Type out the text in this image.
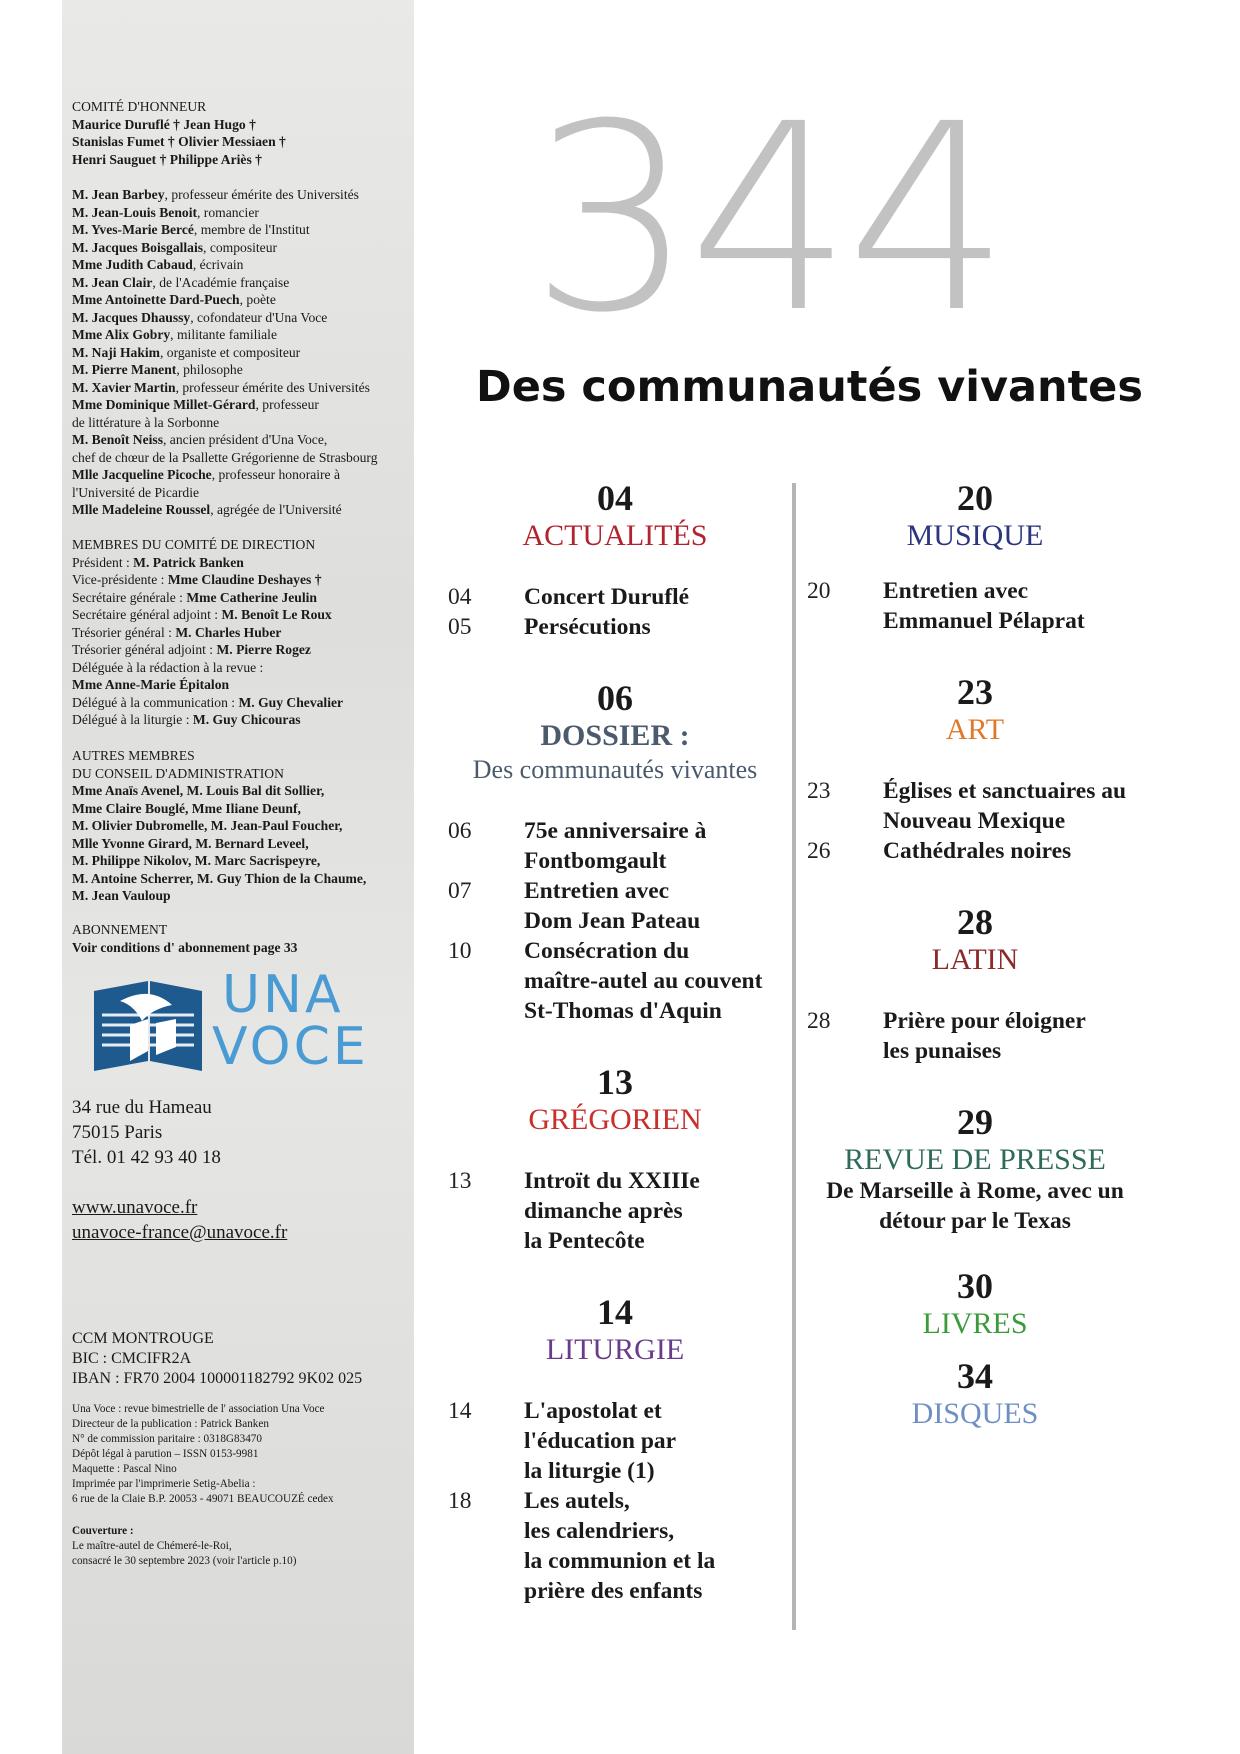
COMITÉ D'HONNEUR
Maurice Duruflé † Jean Hugo †
Stanislas Fumet † Olivier Messiaen †
Henri Sauguet † Philippe Ariès †
M. Jean Barbey, professeur émérite des Universités
M. Jean-Louis Benoit, romancier
M. Yves-Marie Bercé, membre de l'Institut
M. Jacques Boisgallais, compositeur
Mme Judith Cabaud, écrivain
M. Jean Clair, de l'Académie française
Mme Antoinette Dard-Puech, poète
M. Jacques Dhaussy, cofondateur d'Una Voce
Mme Alix Gobry, militante familiale
M. Naji Hakim, organiste et compositeur
M. Pierre Manent, philosophe
M. Xavier Martin, professeur émérite des Universités
Mme Dominique Millet-Gérard, professeur
de littérature à la Sorbonne
M. Benoît Neiss, ancien président d'Una Voce,
chef de chœur de la Psallette Grégorienne de Strasbourg
Mlle Jacqueline Picoche, professeur honoraire à
l'Université de Picardie
Mlle Madeleine Roussel, agrégée de l'Université
MEMBRES DU COMITÉ DE DIRECTION
Président : M. Patrick Banken
Vice-présidente : Mme Claudine Deshayes †
Secrétaire générale : Mme Catherine Jeulin
Secrétaire général adjoint : M. Benoît Le Roux
Trésorier général : M. Charles Huber
Trésorier général adjoint : M. Pierre Rogez
Déléguée à la rédaction à la revue :
Mme Anne-Marie Épitalon
Délégué à la communication : M. Guy Chevalier
Délégué à la liturgie : M. Guy Chicouras
AUTRES MEMBRES
DU CONSEIL D'ADMINISTRATION
Mme Anaïs Avenel, M. Louis Bal dit Sollier,
Mme Claire Bouglé, Mme Iliane Deunf,
M. Olivier Dubromelle, M. Jean-Paul Foucher,
Mlle Yvonne Girard, M. Bernard Leveel,
M. Philippe Nikolov, M. Marc Sacrispeyre,
M. Antoine Scherrer, M. Guy Thion de la Chaume,
M. Jean Vauloup
ABONNEMENT
Voir conditions d' abonnement page 33
UNA
VOCE
34 rue du Hameau
75015 Paris
Tél. 01 42 93 40 18
www.unavoce.fr
unavoce-france@unavoce.fr
CCM MONTROUGE
BIC : CMCIFR2A
IBAN : FR70 2004 100001182792 9K02 025
Una Voce : revue bimestrielle de l' association Una Voce
Directeur de la publication : Patrick Banken
N° de commission paritaire : 0318G83470
Dépôt légal à parution – ISSN 0153-9981
Maquette : Pascal Nino
Imprimée par l'imprimerie Setig-Abelia :
6 rue de la Claie B.P. 20053 - 49071 BEAUCOUZÉ cedex
Couverture :
Le maître-autel de Chémeré-le-Roi,
consacré le 30 septembre 2023 (voir l'article p.10)
344
Des communautés vivantes
04
ACTUALITÉS
04 Concert Duruflé
05 Persécutions
06
DOSSIER :
Des communautés vivantes
06 75e anniversaire à
Fontbomgault
07 Entretien avec
Dom Jean Pateau
10 Consécration du
maître-autel au couvent
St-Thomas d'Aquin
13
GRÉGORIEN
13 Introït du XXIIIe
dimanche après
la Pentecôte
14
LITURGIE
14 L'apostolat et
l'éducation par
la liturgie (1)
18 Les autels,
les calendriers,
la communion et la
prière des enfants
20
MUSIQUE
20 Entretien avec
Emmanuel Pélaprat
23
ART
23 Églises et sanctuaires au
Nouveau Mexique
26 Cathédrales noires
28
LATIN
28 Prière pour éloigner
les punaises
29
REVUE DE PRESSE
De Marseille à Rome, avec un
détour par le Texas
30
LIVRES
34
DISQUES
